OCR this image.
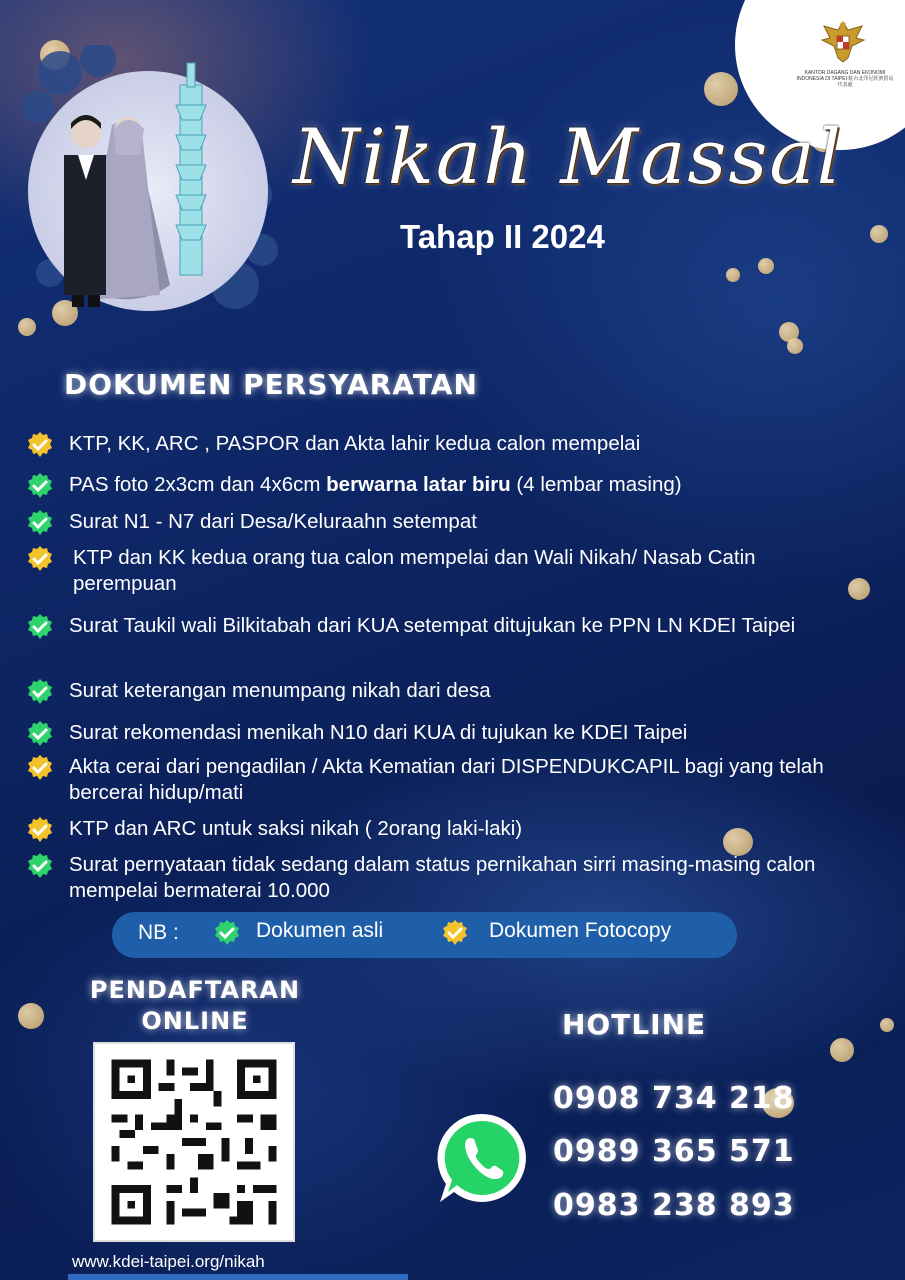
KANTOR DAGANG DAN EKONOMI INDONESIA DI TAIPEI 駐台北印尼經濟貿易代表處
Nikah Massal
Tahap II 2024
DOKUMEN PERSYARATAN
KTP, KK, ARC , PASPOR dan Akta lahir kedua calon mempelai
PAS foto 2x3cm dan 4x6cm berwarna latar biru (4 lembar masing)
Surat N1 - N7 dari Desa/Keluraahn setempat
KTP dan KK kedua orang tua calon mempelai dan Wali Nikah/ Nasab Catin perempuan
Surat Taukil wali Bilkitabah dari KUA setempat ditujukan ke PPN LN KDEI Taipei
Surat keterangan menumpang nikah dari desa
Surat rekomendasi menikah N10 dari KUA di tujukan ke KDEI Taipei
Akta cerai dari pengadilan / Akta Kematian dari DISPENDUKCAPIL bagi yang telah bercerai hidup/mati
KTP dan ARC untuk saksi nikah ( 2orang laki-laki)
Surat pernyataan tidak sedang dalam status pernikahan sirri masing-masing calon mempelai bermaterai 10.000
NB :	Dokumen asli	Dokumen Fotocopy
PENDAFTARAN ONLINE
www.kdei-taipei.org/nikah
HOTLINE
0908 734 218
0989 365 571
0983 238 893
